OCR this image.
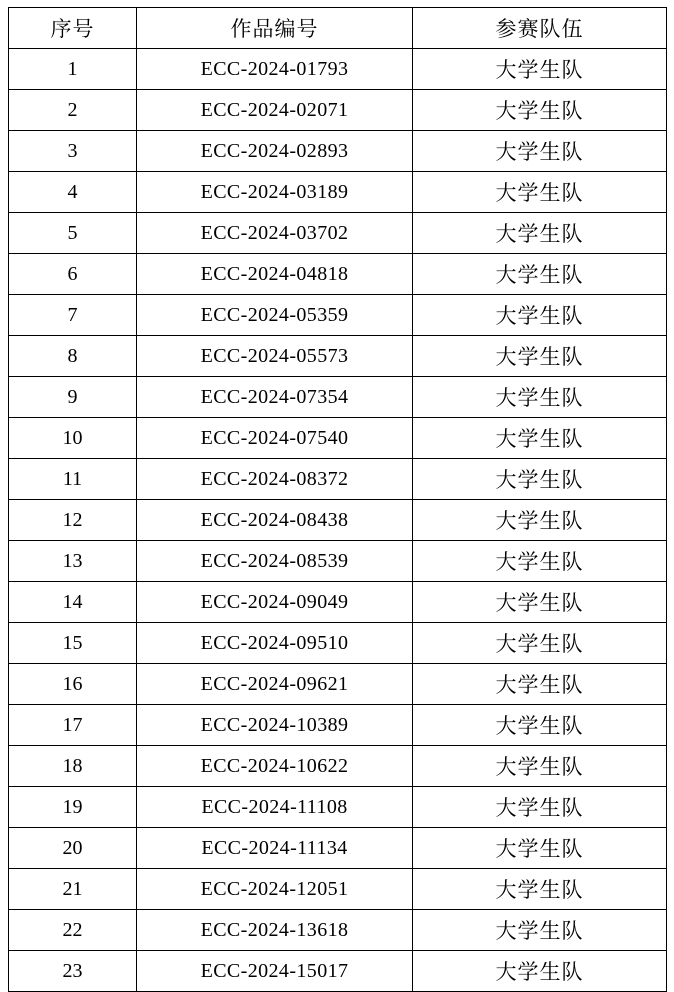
序号	作品编号	参赛队伍
1	ECC-2024-01793	大学生队
2	ECC-2024-02071	大学生队
3	ECC-2024-02893	大学生队
4	ECC-2024-03189	大学生队
5	ECC-2024-03702	大学生队
6	ECC-2024-04818	大学生队
7	ECC-2024-05359	大学生队
8	ECC-2024-05573	大学生队
9	ECC-2024-07354	大学生队
10	ECC-2024-07540	大学生队
11	ECC-2024-08372	大学生队
12	ECC-2024-08438	大学生队
13	ECC-2024-08539	大学生队
14	ECC-2024-09049	大学生队
15	ECC-2024-09510	大学生队
16	ECC-2024-09621	大学生队
17	ECC-2024-10389	大学生队
18	ECC-2024-10622	大学生队
19	ECC-2024-11108	大学生队
20	ECC-2024-11134	大学生队
21	ECC-2024-12051	大学生队
22	ECC-2024-13618	大学生队
23	ECC-2024-15017	大学生队
